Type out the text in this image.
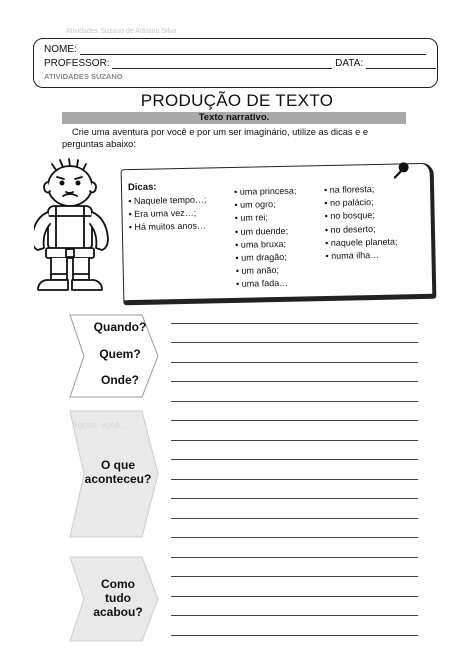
Atividades Suzano de Adriana Silva
NOME:
PROFESSOR:	DATA:
ATIVIDADES SUZANO
PRODUÇÃO DE TEXTO
Texto narrativo.

Crie uma aventura por você e por um ser imaginário, utilize as dicas e e perguntas abaixo:

Dicas:
• Naquele tempo…;
• Era uma vez…;
• Há muitos anos…
• uma princesa;
• um ogro;
• um rei;
• um duende;
• uma bruxa;
• um dragão;
• um anão;
• uma fada…
• na floresta;
• no palácio;
• no bosque;
• no deserto;
• naquele planeta;
• numa ilha…
Quando?
Quem?
Onde?
Agora, você…
O que
aconteceu?
Como
tudo
acabou?
